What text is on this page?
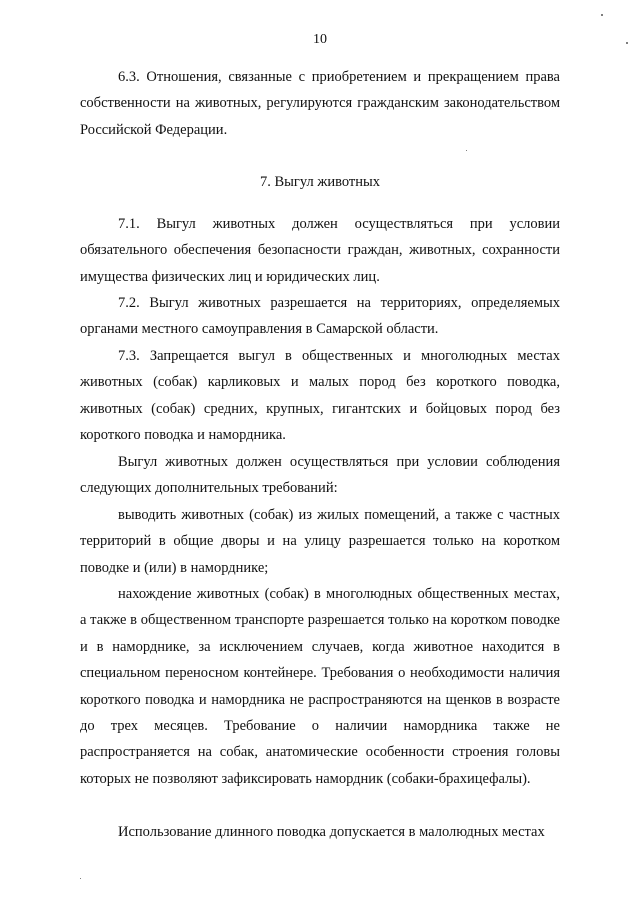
10

6.3. Отношения, связанные с приобретением и прекращением права собственности на животных, регулируются гражданским законодательством Российской Федерации.

7. Выгул животных

7.1. Выгул животных должен осуществляться при условии обязательного обеспечения безопасности граждан, животных, сохранности имущества физических лиц и юридических лиц.

7.2. Выгул животных разрешается на территориях, определяемых органами местного самоуправления в Самарской области.

7.3. Запрещается выгул в общественных и многолюдных местах животных (собак) карликовых и малых пород без короткого поводка, животных (собак) средних, крупных, гигантских и бойцовых пород без короткого поводка и намордника.

Выгул животных должен осуществляться при условии соблюдения следующих дополнительных требований:

выводить животных (собак) из жилых помещений, а также с частных территорий в общие дворы и на улицу разрешается только на коротком поводке и (или) в наморднике;

нахождение животных (собак) в многолюдных общественных местах, а также в общественном транспорте разрешается только на коротком поводке и в наморднике, за исключением случаев, когда животное находится в специальном переносном контейнере. Требования о необходимости наличия короткого поводка и намордника не распространяются на щенков в возрасте до трех месяцев. Требование о наличии намордника также не распространяется на собак, анатомические особенности строения головы которых не позволяют зафиксировать намордник (собаки-брахицефалы).

Использование длинного поводка допускается в малолюдных местах
